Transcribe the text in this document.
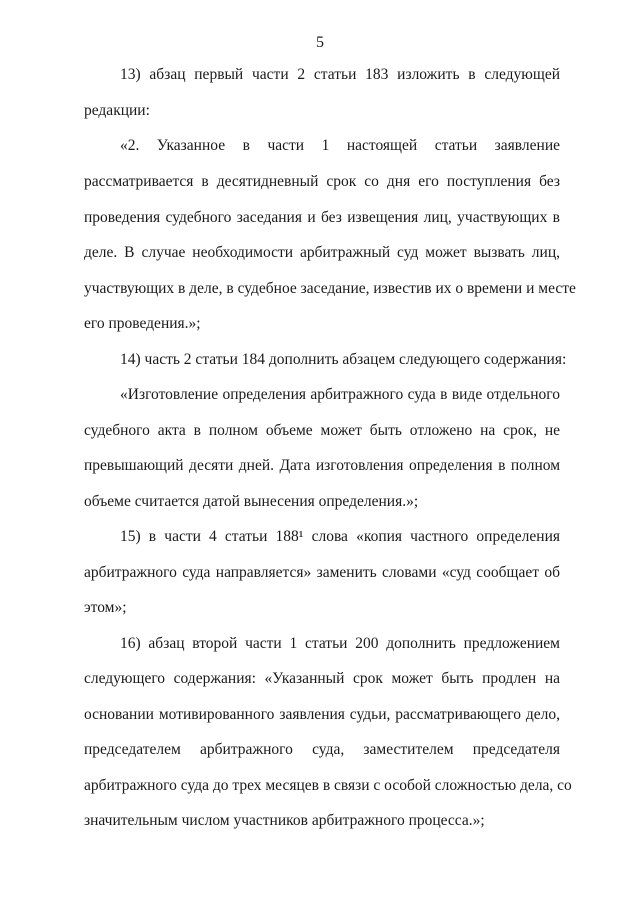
5
13) абзац первый части 2 статьи 183 изложить в следующей
редакции:
«2. Указанное в части 1 настоящей статьи заявление
рассматривается в десятидневный срок со дня его поступления без
проведения судебного заседания и без извещения лиц, участвующих в
деле. В случае необходимости арбитражный суд может вызвать лиц,
участвующих в деле, в судебное заседание, известив их о времени и месте
его проведения.»;
14) часть 2 статьи 184 дополнить абзацем следующего содержания:
«Изготовление определения арбитражного суда в виде отдельного
судебного акта в полном объеме может быть отложено на срок, не
превышающий десяти дней. Дата изготовления определения в полном
объеме считается датой вынесения определения.»;
15) в части 4 статьи 188¹ слова «копия частного определения
арбитражного суда направляется» заменить словами «суд сообщает об
этом»;
16) абзац второй части 1 статьи 200 дополнить предложением
следующего содержания: «Указанный срок может быть продлен на
основании мотивированного заявления судьи, рассматривающего дело,
председателем арбитражного суда, заместителем председателя
арбитражного суда до трех месяцев в связи с особой сложностью дела, со
значительным числом участников арбитражного процесса.»;
